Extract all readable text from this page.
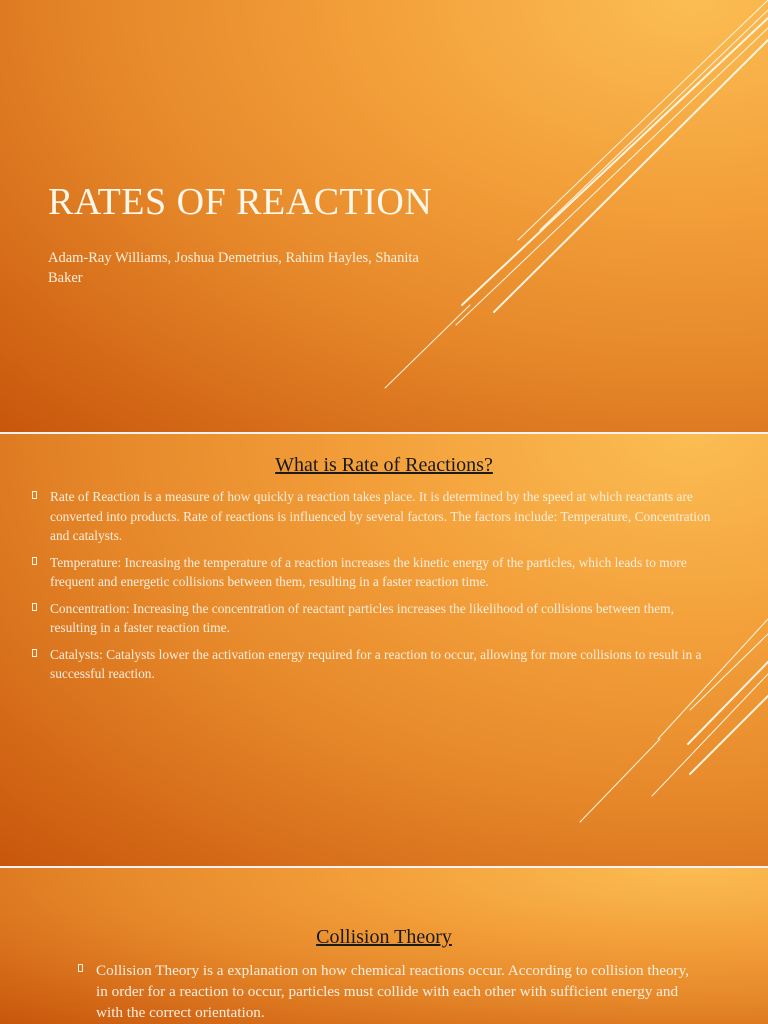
RATES OF REACTION

Adam-Ray Williams, Joshua Demetrius, Rahim Hayles, Shanita Baker

What is Rate of Reactions?
Rate of Reaction is a measure of how quickly a reaction takes place. It is determined by the speed at which reactants are converted into products. Rate of reactions is influenced by several factors. The factors include: Temperature, Concentration and catalysts.
Temperature: Increasing the temperature of a reaction increases the kinetic energy of the particles, which leads to more frequent and energetic collisions between them, resulting in a faster reaction time.
Concentration: Increasing the concentration of reactant particles increases the likelihood of collisions between them, resulting in a faster reaction time.
Catalysts: Catalysts lower the activation energy required for a reaction to occur, allowing for more collisions to result in a successful reaction.
Collision Theory
Collision Theory is a explanation on how chemical reactions occur. According to collision theory, in order for a reaction to occur, particles must collide with each other with sufficient energy and with the correct orientation.
